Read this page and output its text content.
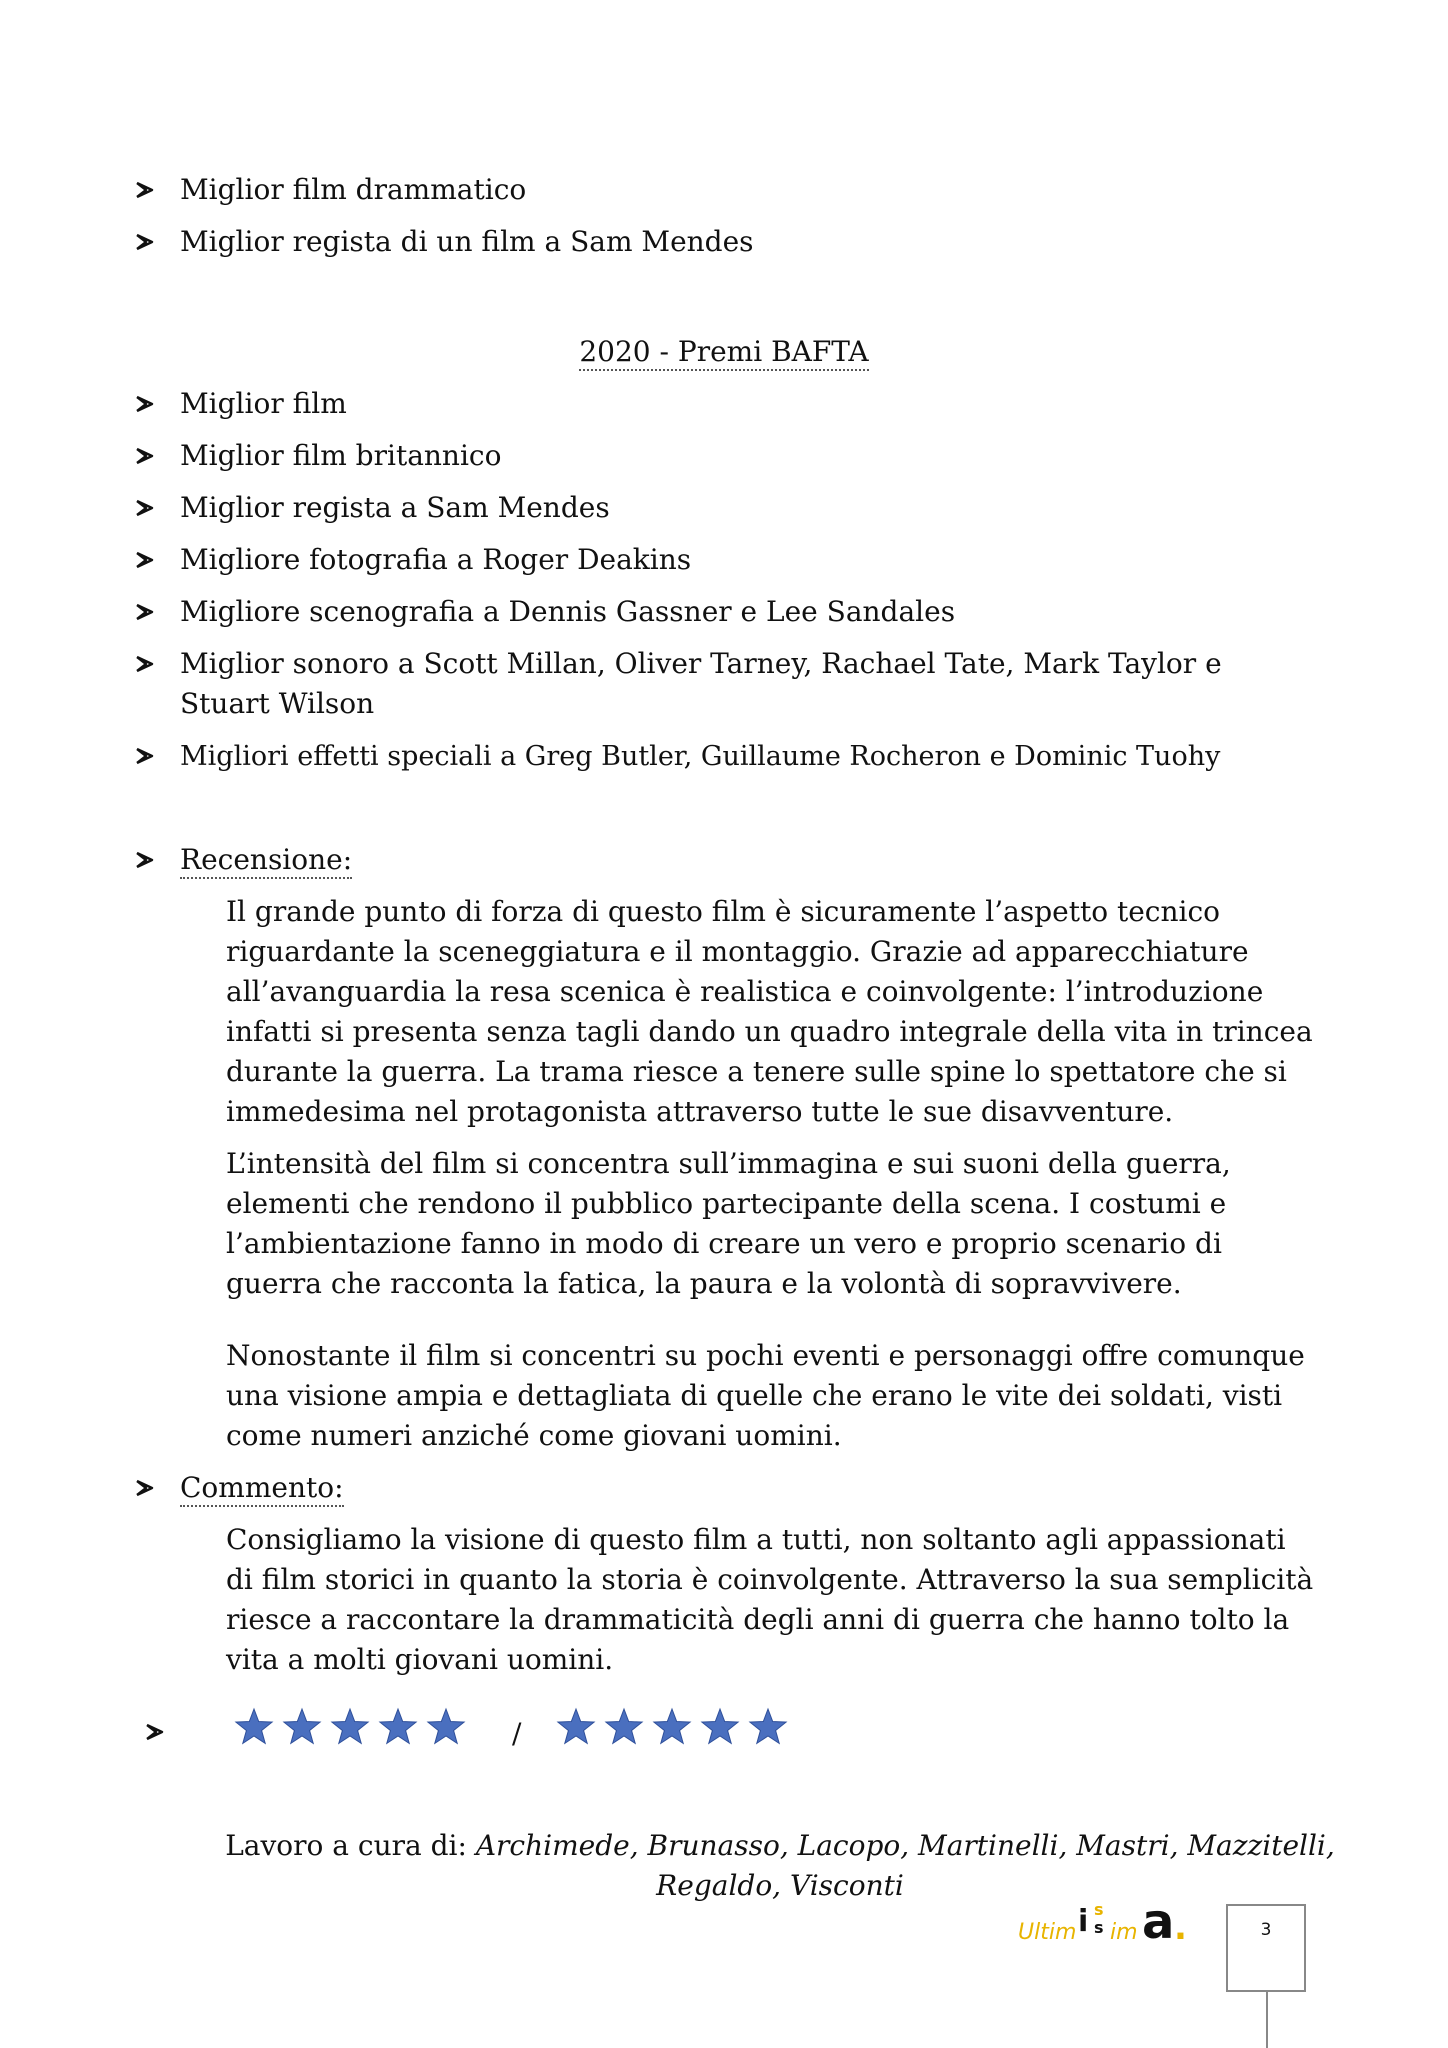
Miglior film drammatico
Miglior regista di un film a Sam Mendes
2020 - Premi BAFTA
Miglior film
Miglior film britannico
Miglior regista a Sam Mendes
Migliore fotografia a Roger Deakins
Migliore scenografia a Dennis Gassner e Lee Sandales
Miglior sonoro a Scott Millan, Oliver Tarney, Rachael Tate, Mark Taylor e Stuart Wilson
Migliori effetti speciali a Greg Butler, Guillaume Rocheron e Dominic Tuohy
Recensione:

Il grande punto di forza di questo film è sicuramente l’aspetto tecnico riguardante la sceneggiatura e il montaggio. Grazie ad apparecchiature all’avanguardia la resa scenica è realistica e coinvolgente: l’introduzione infatti si presenta senza tagli dando un quadro integrale della vita in trincea durante la guerra. La trama riesce a tenere sulle spine lo spettatore che si immedesima nel protagonista attraverso tutte le sue disavventure.

L’intensità del film si concentra sull’immagina e sui suoni della guerra, elementi che rendono il pubblico partecipante della scena. I costumi e l’ambientazione fanno in modo di creare un vero e proprio scenario di guerra che racconta la fatica, la paura e la volontà di sopravvivere.

Nonostante il film si concentri su pochi eventi e personaggi offre comunque una visione ampia e dettagliata di quelle che erano le vite dei soldati, visti come numeri anziché come giovani uomini.

Commento:

Consigliamo la visione di questo film a tutti, non soltanto agli appassionati di film storici in quanto la storia è coinvolgente. Attraverso la sua semplicità riesce a raccontare la drammaticità degli anni di guerra che hanno tolto la vita a molti giovani uomini.

/
Lavoro a cura di: Archimede, Brunasso, Lacopo, Martinelli, Mastri, Mazzitelli,
Regaldo, Visconti
Ultim i s
s im a .	3
